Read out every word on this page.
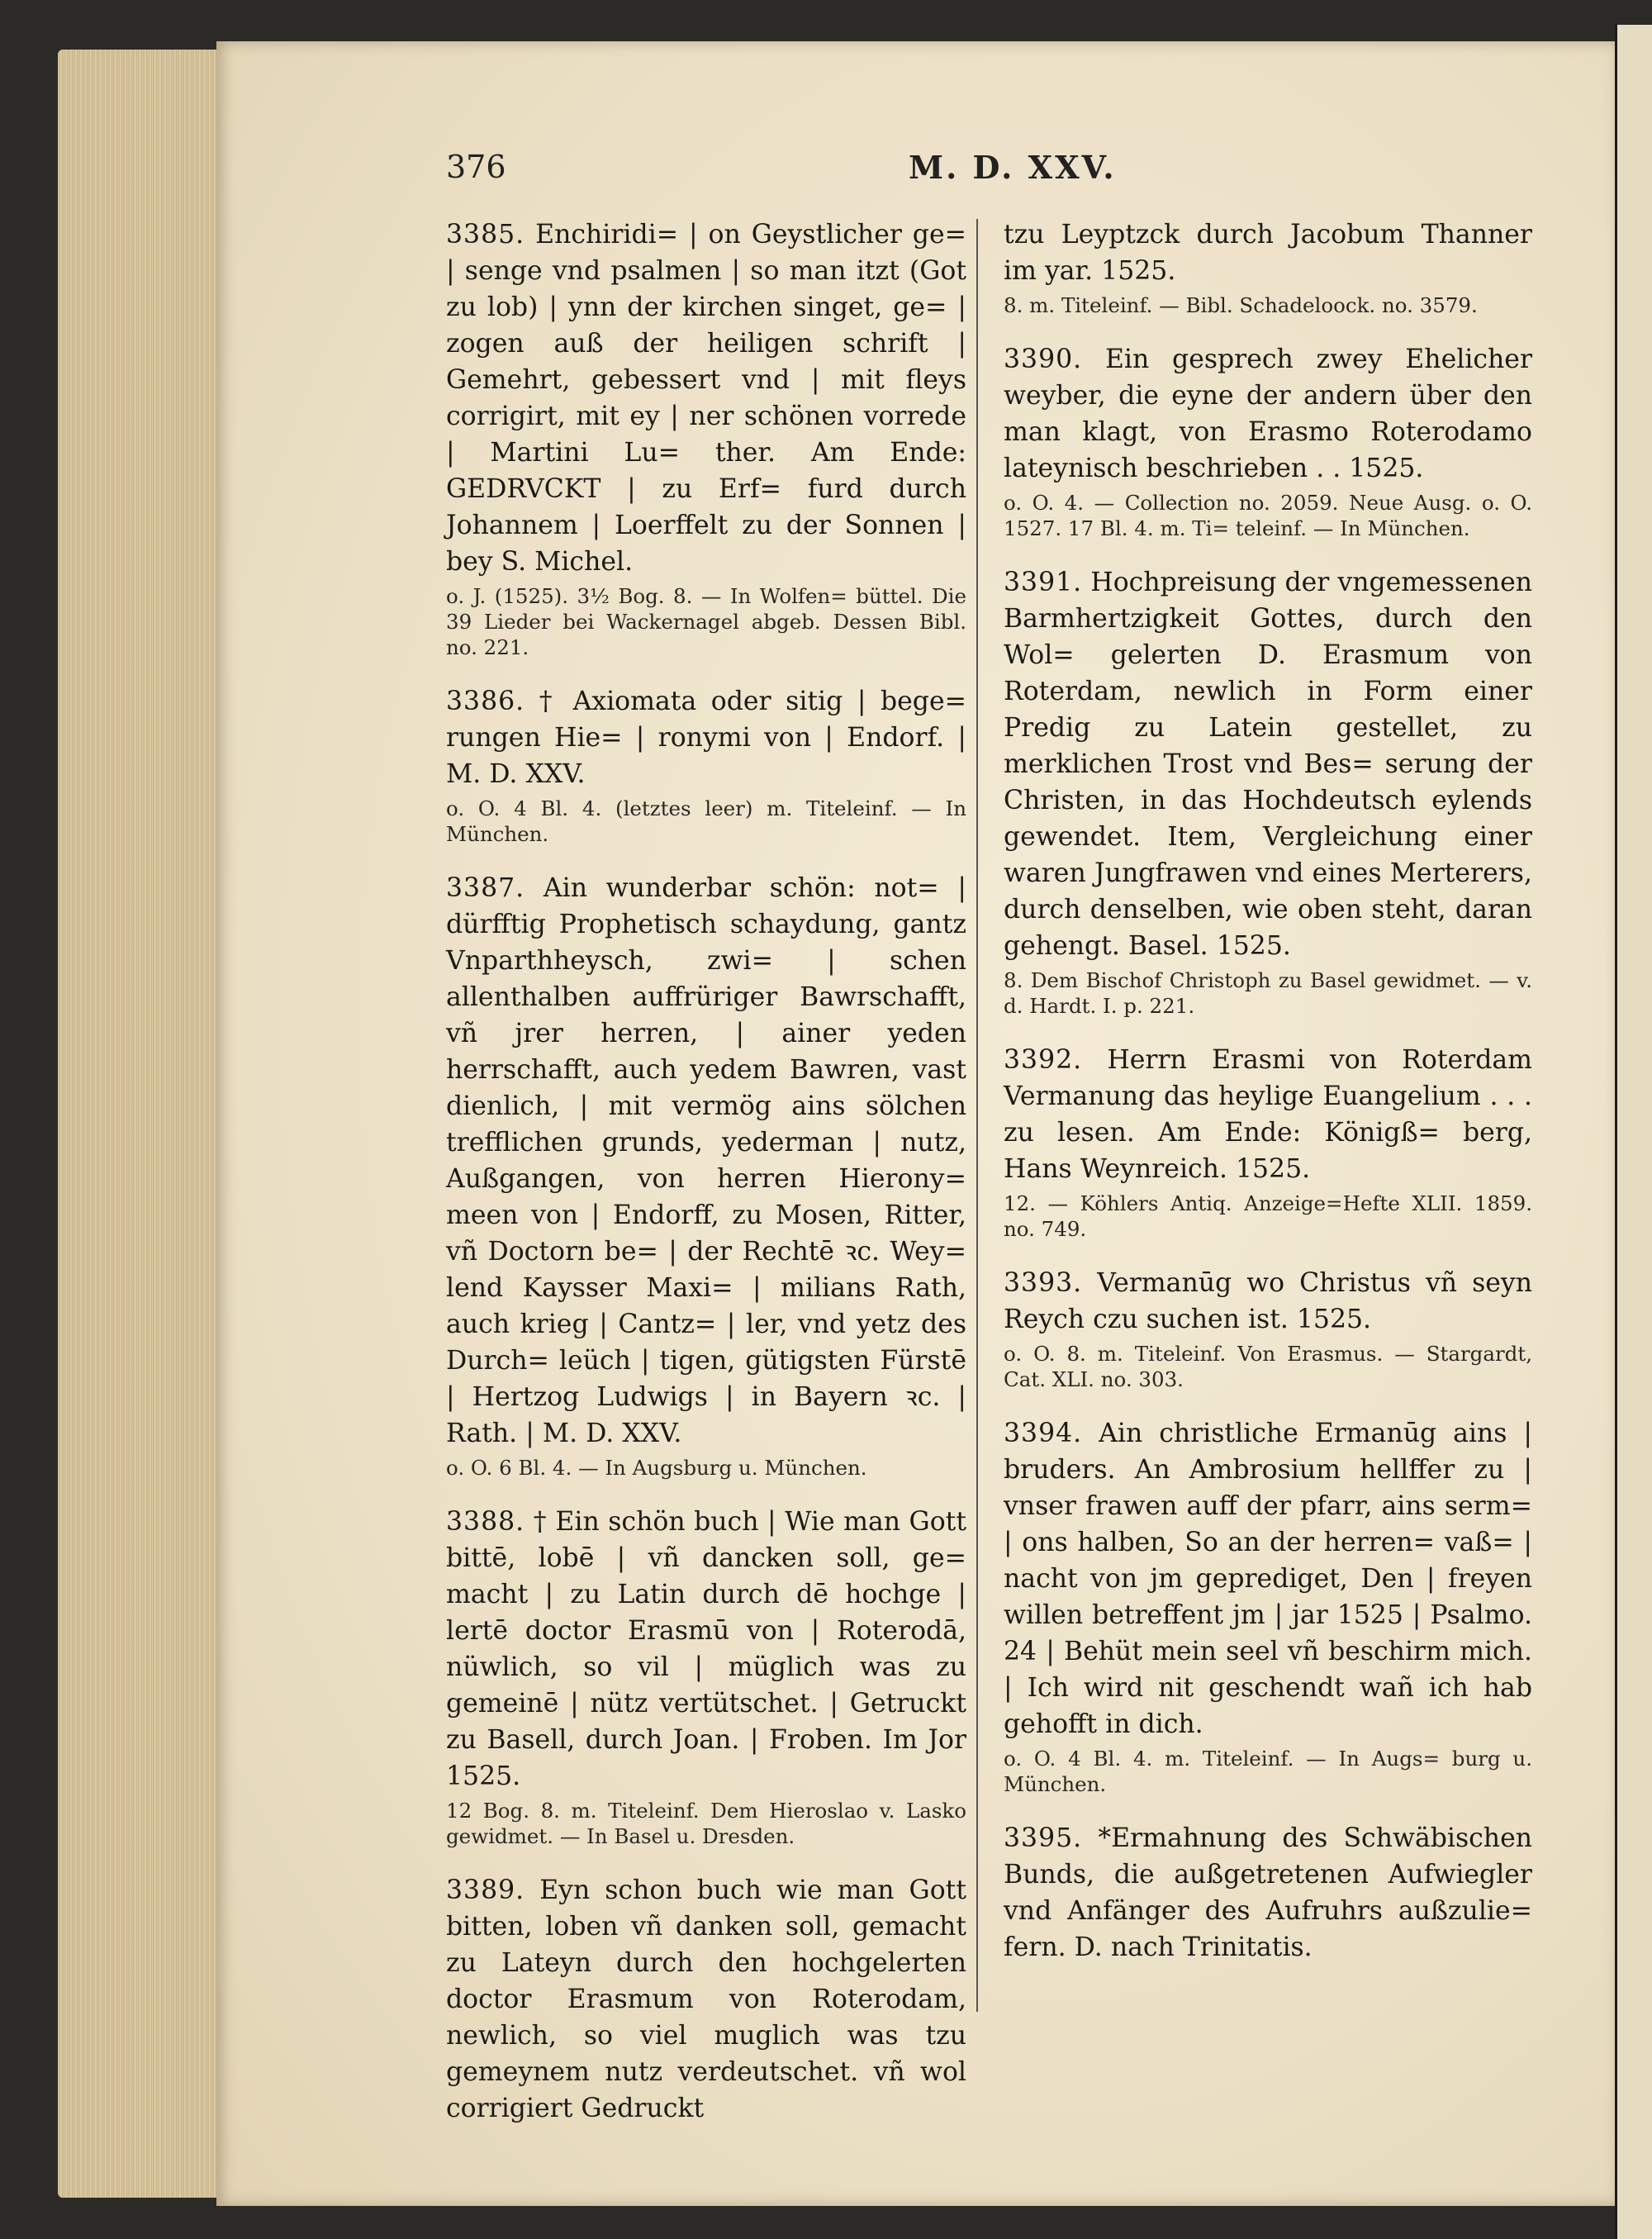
376	M. D. XXV.

3385. Enchiridi= | on Geystlicher ge= | senge vnd psalmen | so man itzt (Got zu lob) | ynn der kirchen singet, ge= | zogen auß der heiligen schrift | Gemehrt, gebessert vnd | mit fleys corrigirt, mit ey | ner schönen vorrede | Martini Lu= ther. Am Ende: GEDRVCKT | zu Erf= furd durch Johannem | Loerffelt zu der Sonnen | bey S. Michel.

o. J. (1525). 3½ Bog. 8. — In Wolfen= büttel. Die 39 Lieder bei Wackernagel abgeb. Dessen Bibl. no. 221.

3386. † Axiomata oder sitig | bege= rungen Hie= | ronymi von | Endorf. | M. D. XXV.

o. O. 4 Bl. 4. (letztes leer) m. Titeleinf. — In München.

3387. Ain wunderbar schön: not= | dürfftig Prophetisch schaydung, gantz Vnparthheysch, zwi= | schen allenthalben auffrüriger Bawrschafft, vñ jrer herren, | ainer yeden herrschafft, auch yedem Bawren, vast dienlich, | mit vermög ains sölchen trefflichen grunds, yederman | nutz, Außgangen, von herren Hierony= meen von | Endorff, zu Mosen, Ritter, vñ Doctorn be= | der Rechtē ꝛc. Wey= lend Kaysser Maxi= | milians Rath, auch krieg | Cantz= | ler, vnd yetz des Durch= leüch | tigen, gütigsten Fürstē | Hertzog Ludwigs | in Bayern ꝛc. | Rath. | M. D. XXV.

o. O. 6 Bl. 4. — In Augsburg u. München.

3388. † Ein schön buch | Wie man Gott bittē, lobē | vñ dancken soll, ge= macht | zu Latin durch dē hochge | lertē doctor Erasmū von | Roterodā, nüwlich, so vil | müglich was zu gemeinē | nütz vertütschet. | Getruckt zu Basell, durch Joan. | Froben. Im Jor 1525.

12 Bog. 8. m. Titeleinf. Dem Hieroslao v. Lasko gewidmet. — In Basel u. Dresden.

3389. Eyn schon buch wie man Gott bitten, loben vñ danken soll, gemacht zu Lateyn durch den hochgelerten doctor Erasmum von Roterodam, newlich, so viel muglich was tzu gemeynem nutz verdeutschet. vñ wol corrigiert Gedruckt

tzu Leyptzck durch Jacobum Thanner im yar. 1525.

8. m. Titeleinf. — Bibl. Schadeloock. no. 3579.

3390. Ein gesprech zwey Ehelicher weyber, die eyne der andern über den man klagt, von Erasmo Roterodamo lateynisch beschrieben . . 1525.

o. O. 4. — Collection no. 2059. Neue Ausg. o. O. 1527. 17 Bl. 4. m. Ti= teleinf. — In München.

3391. Hochpreisung der vngemessenen Barmhertzigkeit Gottes, durch den Wol= gelerten D. Erasmum von Roterdam, newlich in Form einer Predig zu Latein gestellet, zu merklichen Trost vnd Bes= serung der Christen, in das Hochdeutsch eylends gewendet. Item, Vergleichung einer waren Jungfrawen vnd eines Merterers, durch denselben, wie oben steht, daran gehengt. Basel. 1525.

8. Dem Bischof Christoph zu Basel gewidmet. — v. d. Hardt. I. p. 221.

3392. Herrn Erasmi von Roterdam Vermanung das heylige Euangelium . . . zu lesen. Am Ende: Königß= berg, Hans Weynreich. 1525.

12. — Köhlers Antiq. Anzeige=Hefte XLII. 1859. no. 749.

3393. Vermanūg wo Christus vñ seyn Reych czu suchen ist. 1525.

o. O. 8. m. Titeleinf. Von Erasmus. — Stargardt, Cat. XLI. no. 303.

3394. Ain christliche Ermanūg ains | bruders. An Ambrosium hellffer zu | vnser frawen auff der pfarr, ains serm= | ons halben, So an der herren= vaß= | nacht von jm geprediget, Den | freyen willen betreffent jm | jar 1525 | Psalmo. 24 | Behüt mein seel vñ beschirm mich. | Ich wird nit geschendt wañ ich hab gehofft in dich.

o. O. 4 Bl. 4. m. Titeleinf. — In Augs= burg u. München.

3395. *Ermahnung des Schwäbischen Bunds, die außgetretenen Aufwiegler vnd Anfänger des Aufruhrs außzulie= fern. D. nach Trinitatis.
